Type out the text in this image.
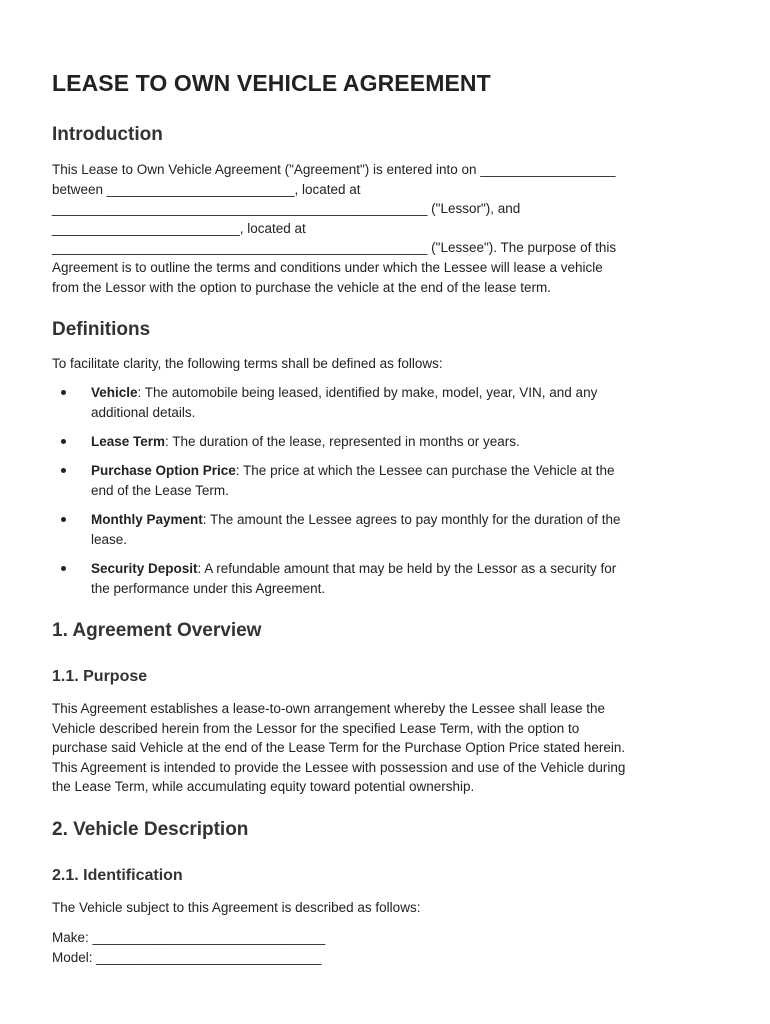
LEASE TO OWN VEHICLE AGREEMENT
Introduction
This Lease to Own Vehicle Agreement ("Agreement") is entered into on __________________
between _________________________, located at
__________________________________________________ ("Lessor"), and
_________________________, located at
__________________________________________________ ("Lessee"). The purpose of this
Agreement is to outline the terms and conditions under which the Lessee will lease a vehicle
from the Lessor with the option to purchase the vehicle at the end of the lease term.
Definitions

To facilitate clarity, the following terms shall be defined as follows:

Vehicle: The automobile being leased, identified by make, model, year, VIN, and any
additional details.
Lease Term: The duration of the lease, represented in months or years.
Purchase Option Price: The price at which the Lessee can purchase the Vehicle at the
end of the Lease Term.
Monthly Payment: The amount the Lessee agrees to pay monthly for the duration of the
lease.
Security Deposit: A refundable amount that may be held by the Lessor as a security for
the performance under this Agreement.
1. Agreement Overview
1.1. Purpose
This Agreement establishes a lease-to-own arrangement whereby the Lessee shall lease the
Vehicle described herein from the Lessor for the specified Lease Term, with the option to
purchase said Vehicle at the end of the Lease Term for the Purchase Option Price stated herein.
This Agreement is intended to provide the Lessee with possession and use of the Vehicle during
the Lease Term, while accumulating equity toward potential ownership.
2. Vehicle Description
2.1. Identification

The Vehicle subject to this Agreement is described as follows:

Make: _______________________________
Model: ______________________________
